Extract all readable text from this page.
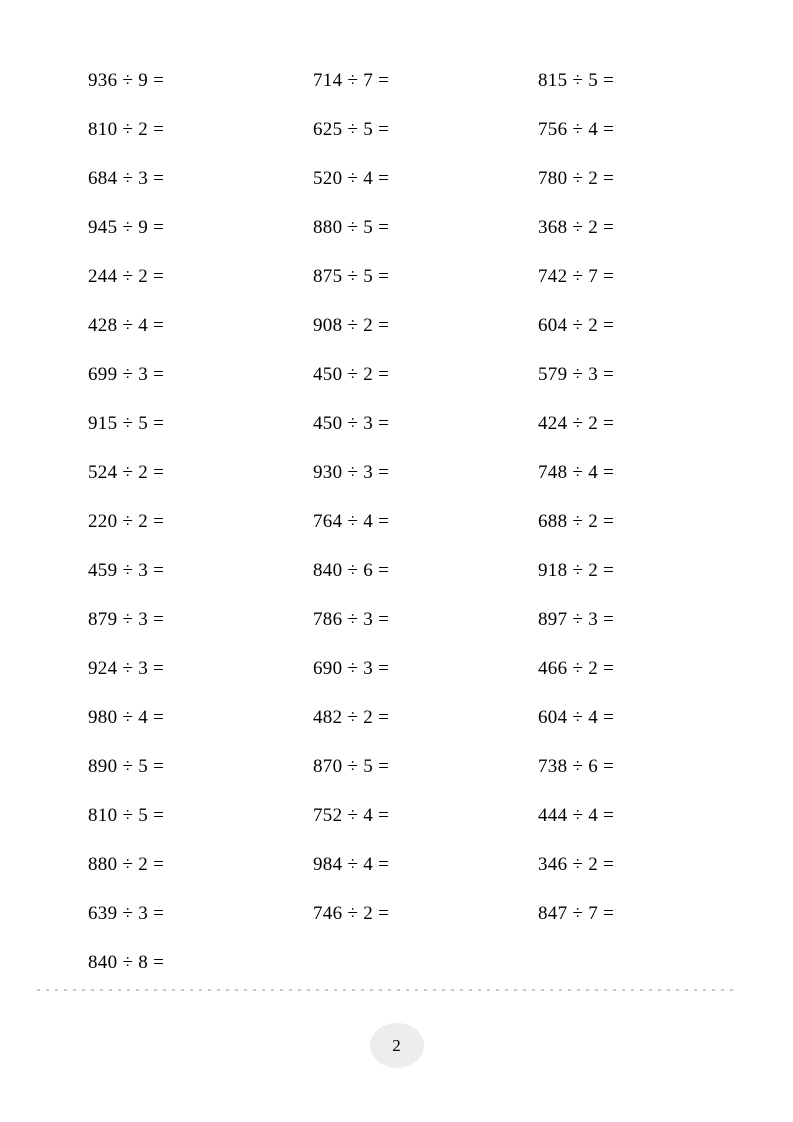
936 ÷ 9 =	714 ÷ 7 =	815 ÷ 5 =
810 ÷ 2 =	625 ÷ 5 =	756 ÷ 4 =
684 ÷ 3 =	520 ÷ 4 =	780 ÷ 2 =
945 ÷ 9 =	880 ÷ 5 =	368 ÷ 2 =
244 ÷ 2 =	875 ÷ 5 =	742 ÷ 7 =
428 ÷ 4 =	908 ÷ 2 =	604 ÷ 2 =
699 ÷ 3 =	450 ÷ 2 =	579 ÷ 3 =
915 ÷ 5 =	450 ÷ 3 =	424 ÷ 2 =
524 ÷ 2 =	930 ÷ 3 =	748 ÷ 4 =
220 ÷ 2 =	764 ÷ 4 =	688 ÷ 2 =
459 ÷ 3 =	840 ÷ 6 =	918 ÷ 2 =
879 ÷ 3 =	786 ÷ 3 =	897 ÷ 3 =
924 ÷ 3 =	690 ÷ 3 =	466 ÷ 2 =
980 ÷ 4 =	482 ÷ 2 =	604 ÷ 4 =
890 ÷ 5 =	870 ÷ 5 =	738 ÷ 6 =
810 ÷ 5 =	752 ÷ 4 =	444 ÷ 4 =
880 ÷ 2 =	984 ÷ 4 =	346 ÷ 2 =
639 ÷ 3 =	746 ÷ 2 =	847 ÷ 7 =
840 ÷ 8 =
2
